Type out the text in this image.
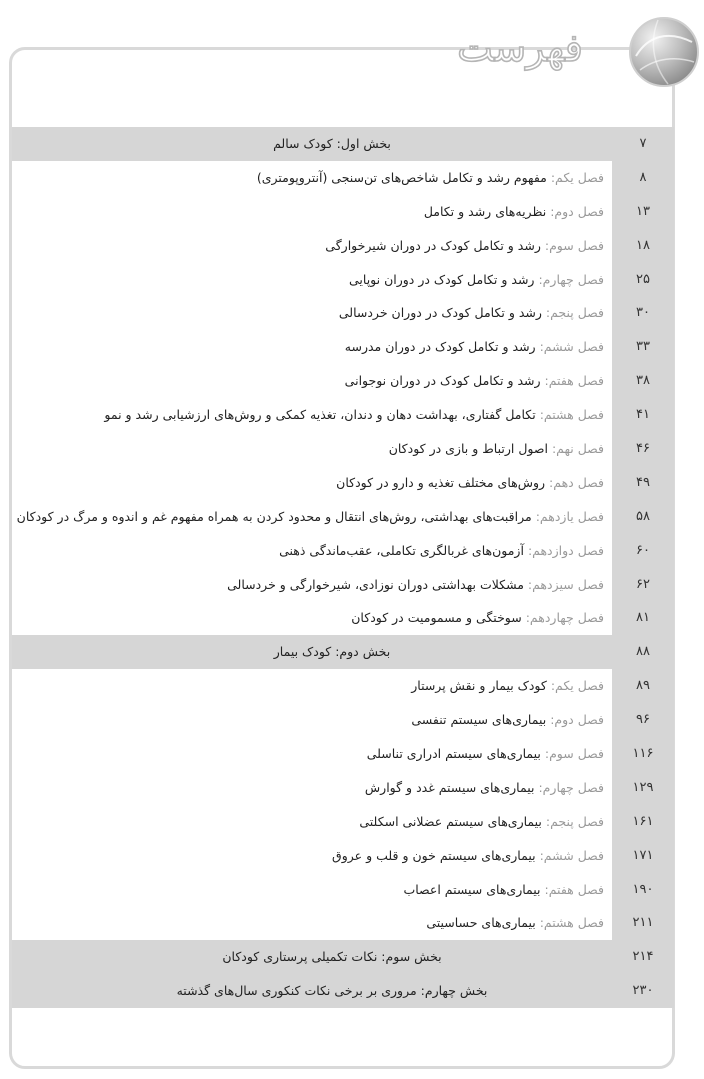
فهرست
۷
بخش اول: کودک سالم
۸
فصل یکم: مفهوم رشد و تکامل شاخص‌های تن‌سنجی (آنتروپومتری)
۱۳
فصل دوم: نظریه‌های رشد و تکامل
۱۸
فصل سوم: رشد و تکامل کودک در دوران شیرخوارگی
۲۵
فصل چهارم: رشد و تکامل کودک در دوران نوپایی
۳۰
فصل پنجم: رشد و تکامل کودک در دوران خردسالی
۳۳
فصل ششم: رشد و تکامل کودک در دوران مدرسه
۳۸
فصل هفتم: رشد و تکامل کودک در دوران نوجوانی
۴۱
فصل هشتم: تکامل گفتاری، بهداشت دهان و دندان، تغذیه کمکی و روش‌های ارزشیابی رشد و نمو
۴۶
فصل نهم: اصول ارتباط و بازی در کودکان
۴۹
فصل دهم: روش‌های مختلف تغذیه و دارو در کودکان
۵۸
فصل یازدهم: مراقبت‌های بهداشتی، روش‌های انتقال و محدود کردن به همراه مفهوم غم و اندوه و مرگ در کودکان
۶۰
فصل دوازدهم: آزمون‌های غربالگری تکاملی، عقب‌ماندگی ذهنی
۶۲
فصل سیزدهم: مشکلات بهداشتی دوران نوزادی، شیرخوارگی و خردسالی
۸۱
فصل چهاردهم: سوختگی و مسمومیت در کودکان
۸۸
بخش دوم: کودک بیمار
۸۹
فصل یکم: کودک بیمار و نقش پرستار
۹۶
فصل دوم: بیماری‌های سیستم تنفسی
۱۱۶
فصل سوم: بیماری‌های سیستم ادراری تناسلی
۱۲۹
فصل چهارم: بیماری‌های سیستم غدد و گوارش
۱۶۱
فصل پنجم: بیماری‌های سیستم عضلانی اسکلتی
۱۷۱
فصل ششم: بیماری‌های سیستم خون و قلب و عروق
۱۹۰
فصل هفتم: بیماری‌های سیستم اعصاب
۲۱۱
فصل هشتم: بیماری‌های حساسیتی
۲۱۴
بخش سوم: نکات تکمیلی پرستاری کودکان
۲۳۰
بخش چهارم: مروری بر برخی نکات کنکوری سال‌های گذشته
